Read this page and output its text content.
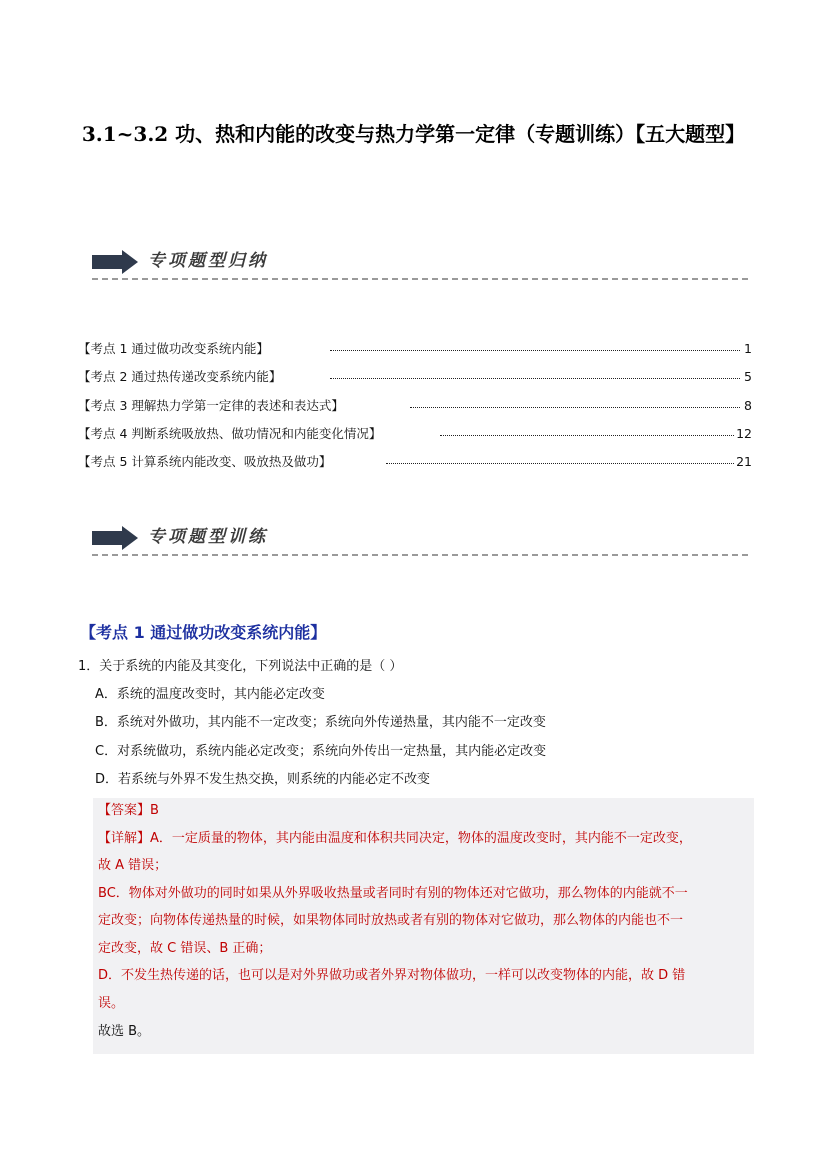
3.1~3.2 功、热和内能的改变与热力学第一定律（专题训练）【五大题型】
专项题型归纳
【考点 1 通过做功改变系统内能】	1
【考点 2 通过热传递改变系统内能】	5
【考点 3 理解热力学第一定律的表述和表达式】	8
【考点 4 判断系统吸放热、做功情况和内能变化情况】	12
【考点 5 计算系统内能改变、吸放热及做功】	21
专项题型训练
【考点 1 通过做功改变系统内能】
1．关于系统的内能及其变化，下列说法中正确的是（ ）
A．系统的温度改变时，其内能必定改变
B．系统对外做功，其内能不一定改变；系统向外传递热量，其内能不一定改变
C．对系统做功，系统内能必定改变；系统向外传出一定热量，其内能必定改变
D．若系统与外界不发生热交换，则系统的内能必定不改变
【答案】B
【详解】A．一定质量的物体，其内能由温度和体积共同决定，物体的温度改变时，其内能不一定改变，
故 A 错误；
BC．物体对外做功的同时如果从外界吸收热量或者同时有别的物体还对它做功，那么物体的内能就不一
定改变；向物体传递热量的时候，如果物体同时放热或者有别的物体对它做功，那么物体的内能也不一
定改变，故 C 错误、B 正确；
D．不发生热传递的话，也可以是对外界做功或者外界对物体做功，一样可以改变物体的内能，故 D 错
误。
故选 B。
